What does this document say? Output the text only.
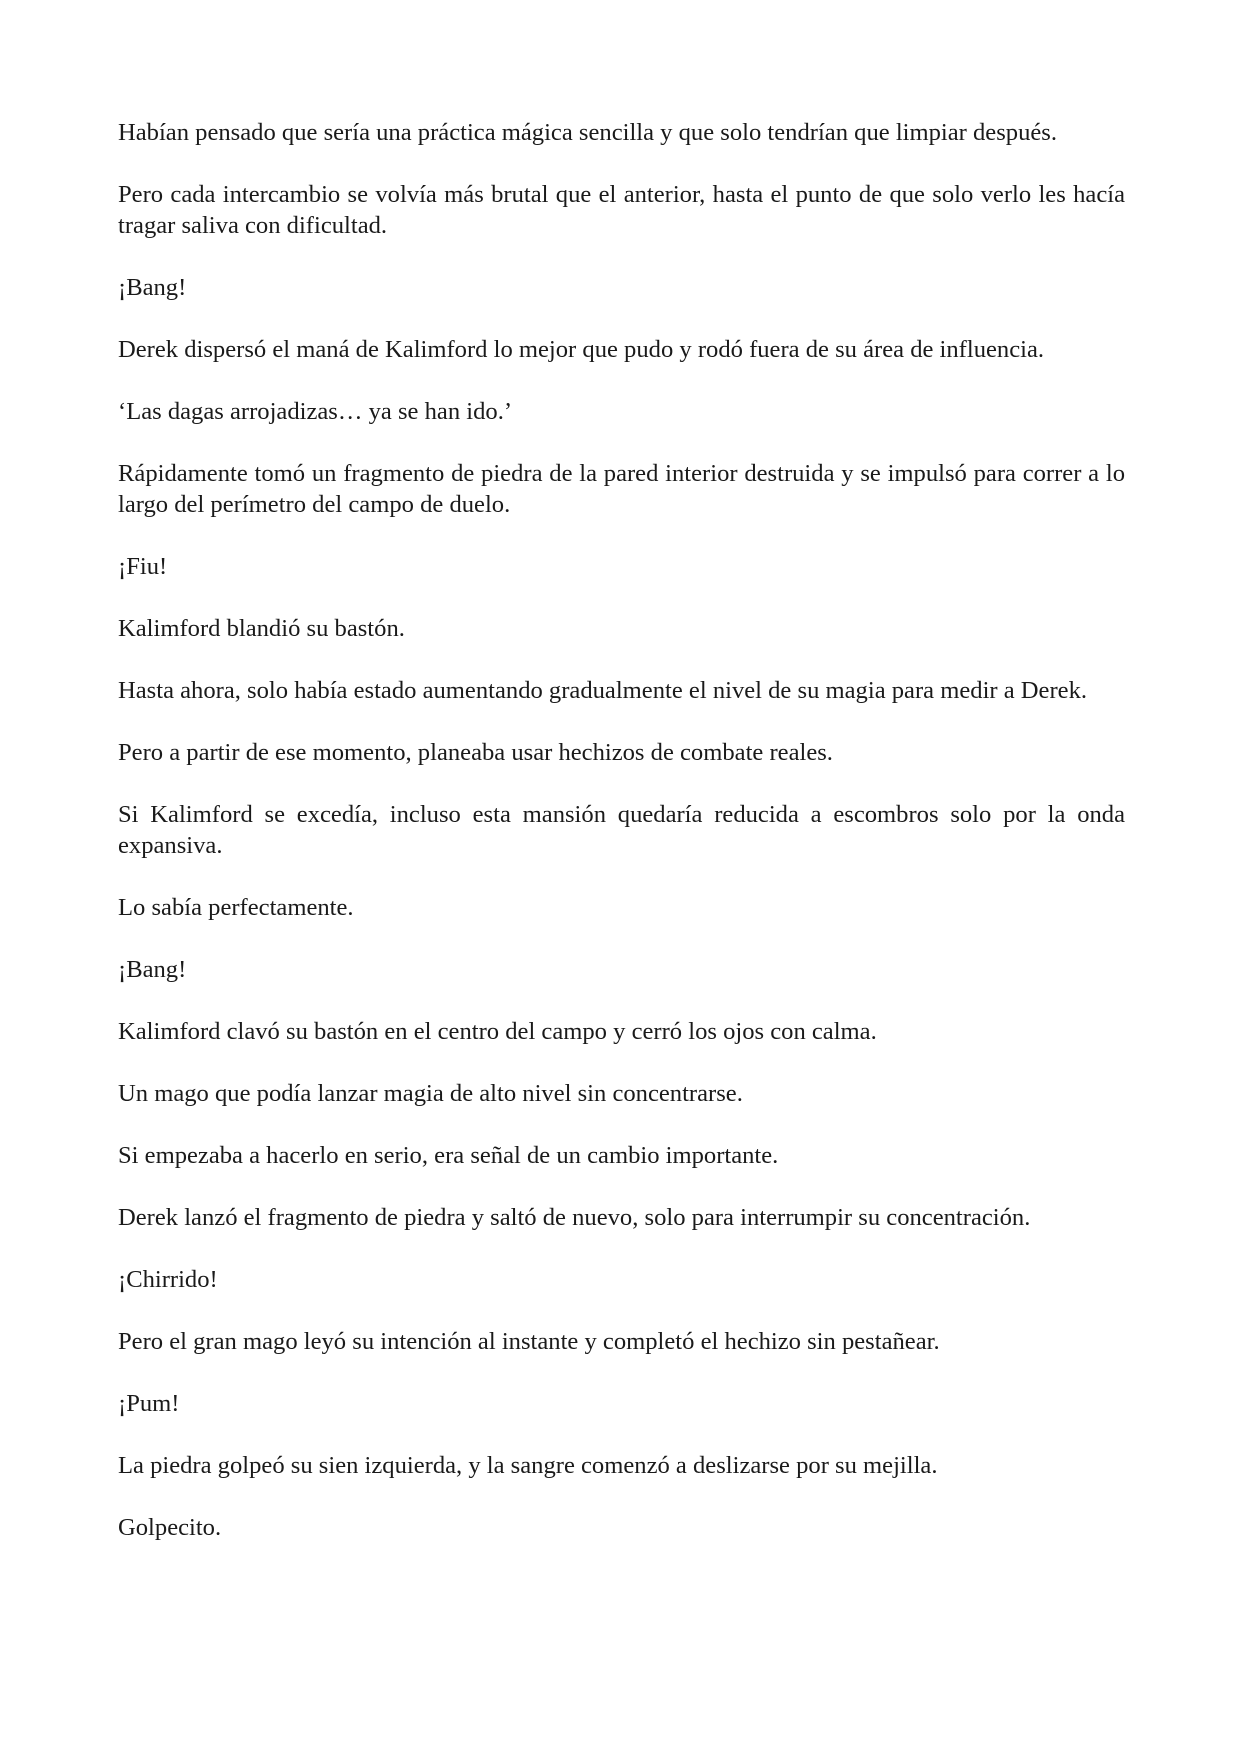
Habían pensado que sería una práctica mágica sencilla y que solo tendrían que limpiar después.

Pero cada intercambio se volvía más brutal que el anterior, hasta el punto de que solo verlo les hacía tragar saliva con dificultad.

¡Bang!

Derek dispersó el maná de Kalimford lo mejor que pudo y rodó fuera de su área de influencia.

‘Las dagas arrojadizas… ya se han ido.’

Rápidamente tomó un fragmento de piedra de la pared interior destruida y se impulsó para correr a lo largo del perímetro del campo de duelo.

¡Fiu!

Kalimford blandió su bastón.

Hasta ahora, solo había estado aumentando gradualmente el nivel de su magia para medir a Derek.

Pero a partir de ese momento, planeaba usar hechizos de combate reales.

Si Kalimford se excedía, incluso esta mansión quedaría reducida a escombros solo por la onda expansiva.

Lo sabía perfectamente.

¡Bang!

Kalimford clavó su bastón en el centro del campo y cerró los ojos con calma.

Un mago que podía lanzar magia de alto nivel sin concentrarse.

Si empezaba a hacerlo en serio, era señal de un cambio importante.

Derek lanzó el fragmento de piedra y saltó de nuevo, solo para interrumpir su concentración.

¡Chirrido!

Pero el gran mago leyó su intención al instante y completó el hechizo sin pestañear.

¡Pum!

La piedra golpeó su sien izquierda, y la sangre comenzó a deslizarse por su mejilla.

Golpecito.
